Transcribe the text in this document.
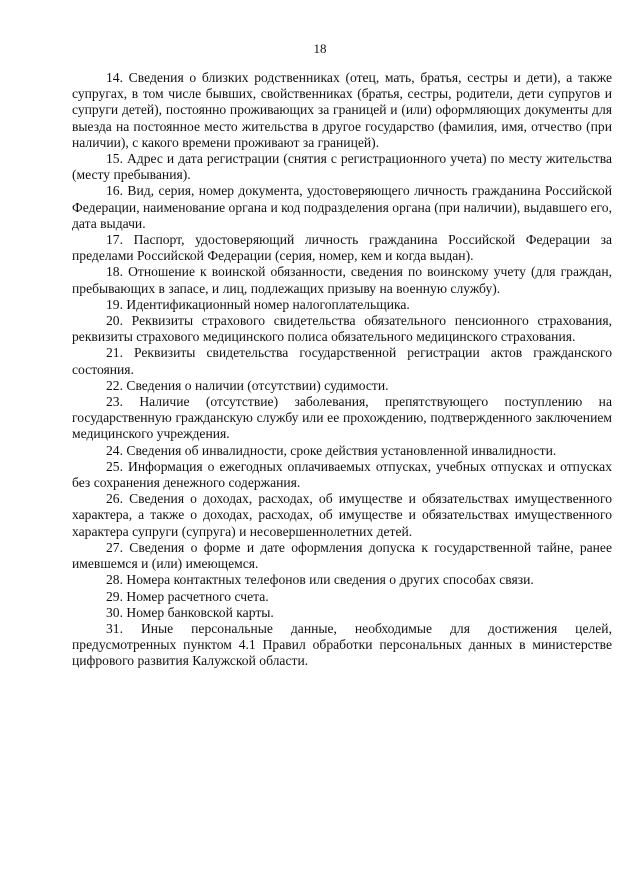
18

14. Сведения о близких родственниках (отец, мать, братья, сестры и дети), а также супругах, в том числе бывших, свойственниках (братья, сестры, родители, дети супругов и супруги детей), постоянно проживающих за границей и (или) оформляющих документы для выезда на постоянное место жительства в другое государство (фамилия, имя, отчество (при наличии), с какого времени проживают за границей).

15. Адрес и дата регистрации (снятия с регистрационного учета) по месту жительства (месту пребывания).

16. Вид, серия, номер документа, удостоверяющего личность гражданина Российской Федерации, наименование органа и код подразделения органа (при наличии), выдавшего его, дата выдачи.

17. Паспорт, удостоверяющий личность гражданина Российской Федерации за пределами Российской Федерации (серия, номер, кем и когда выдан).

18. Отношение к воинской обязанности, сведения по воинскому учету (для граждан, пребывающих в запасе, и лиц, подлежащих призыву на военную службу).

19. Идентификационный номер налогоплательщика.

20. Реквизиты страхового свидетельства обязательного пенсионного страхования, реквизиты страхового медицинского полиса обязательного медицинского страхования.

21. Реквизиты свидетельства государственной регистрации актов гражданского состояния.

22. Сведения о наличии (отсутствии) судимости.

23. Наличие (отсутствие) заболевания, препятствующего поступлению на государственную гражданскую службу или ее прохождению, подтвержденного заключением медицинского учреждения.

24. Сведения об инвалидности, сроке действия установленной инвалидности.

25. Информация о ежегодных оплачиваемых отпусках, учебных отпусках и отпусках без сохранения денежного содержания.

26. Сведения о доходах, расходах, об имуществе и обязательствах имущественного характера, а также о доходах, расходах, об имуществе и обязательствах имущественного характера супруги (супруга) и несовершеннолетних детей.

27. Сведения о форме и дате оформления допуска к государственной тайне, ранее имевшемся и (или) имеющемся.

28. Номера контактных телефонов или сведения о других способах связи.

29. Номер расчетного счета.

30. Номер банковской карты.

31. Иные персональные данные, необходимые для достижения целей, предусмотренных пунктом 4.1 Правил обработки персональных данных в министерстве цифрового развития Калужской области.
